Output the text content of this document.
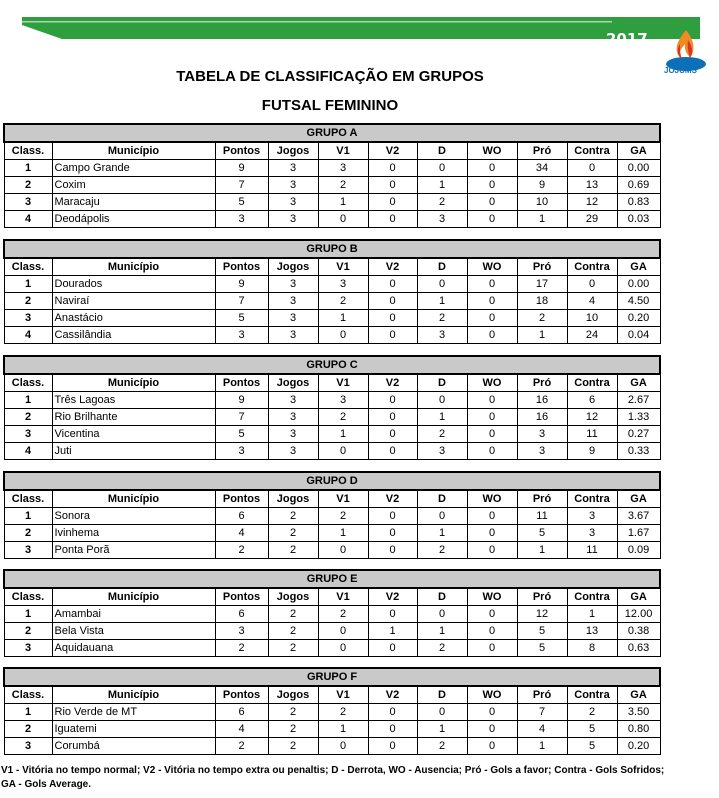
2017
JOJUMS
TABELA DE CLASSIFICAÇÃO EM GRUPOS
FUTSAL FEMININO
GRUPO A										
Class.	Município	Pontos	Jogos	V1	V2	D	WO	Pró	Contra	GA
1	Campo Grande	9	3	3	0	0	0	34	0	0.00
2	Coxim	7	3	2	0	1	0	9	13	0.69
3	Maracaju	5	3	1	0	2	0	10	12	0.83
4	Deodápolis	3	3	0	0	3	0	1	29	0.03
GRUPO B										
Class.	Município	Pontos	Jogos	V1	V2	D	WO	Pró	Contra	GA
1	Dourados	9	3	3	0	0	0	17	0	0.00
2	Naviraí	7	3	2	0	1	0	18	4	4.50
3	Anastácio	5	3	1	0	2	0	2	10	0.20
4	Cassilândia	3	3	0	0	3	0	1	24	0.04
GRUPO C										
Class.	Município	Pontos	Jogos	V1	V2	D	WO	Pró	Contra	GA
1	Três Lagoas	9	3	3	0	0	0	16	6	2.67
2	Rio Brilhante	7	3	2	0	1	0	16	12	1.33
3	Vicentina	5	3	1	0	2	0	3	11	0.27
4	Juti	3	3	0	0	3	0	3	9	0.33
GRUPO D										
Class.	Município	Pontos	Jogos	V1	V2	D	WO	Pró	Contra	GA
1	Sonora	6	2	2	0	0	0	11	3	3.67
2	Ivinhema	4	2	1	0	1	0	5	3	1.67
3	Ponta Porã	2	2	0	0	2	0	1	11	0.09
GRUPO E										
Class.	Município	Pontos	Jogos	V1	V2	D	WO	Pró	Contra	GA
1	Amambai	6	2	2	0	0	0	12	1	12.00
2	Bela Vista	3	2	0	1	1	0	5	13	0.38
3	Aquidauana	2	2	0	0	2	0	5	8	0.63
GRUPO F										
Class.	Município	Pontos	Jogos	V1	V2	D	WO	Pró	Contra	GA
1	Rio Verde de MT	6	2	2	0	0	0	7	2	3.50
2	Iguatemi	4	2	1	0	1	0	4	5	0.80
3	Corumbá	2	2	0	0	2	0	1	5	0.20
V1 - Vitória no tempo normal; V2 - Vitória no tempo extra ou penaltis; D - Derrota, WO - Ausencia; Pró - Gols a favor; Contra - Gols Sofridos;
GA - Gols Average.
